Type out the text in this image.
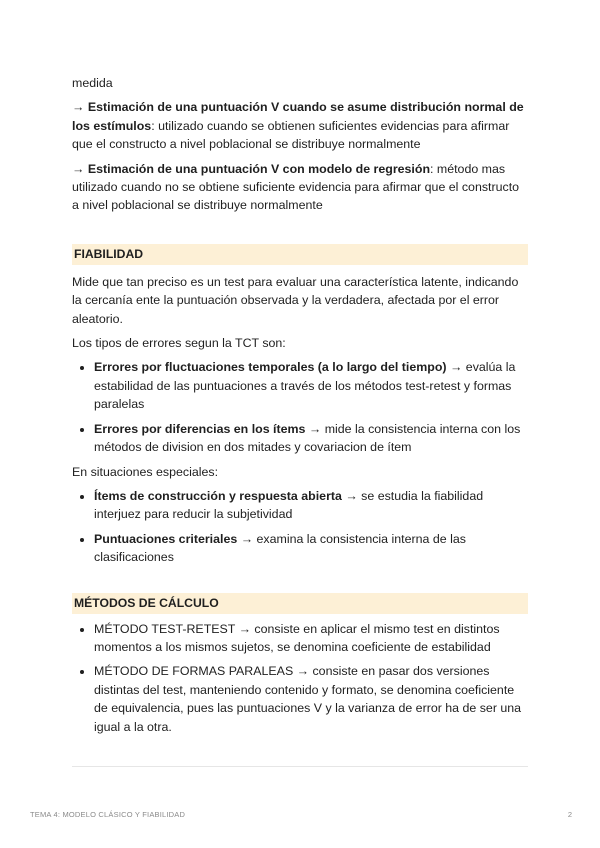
medida

→ Estimación de una puntuación V cuando se asume distribución normal de los estímulos: utilizado cuando se obtienen suficientes evidencias para afirmar que el constructo a nivel poblacional se distribuye normalmente

→ Estimación de una puntuación V con modelo de regresión: método mas utilizado cuando no se obtiene suficiente evidencia para afirmar que el constructo a nivel poblacional se distribuye normalmente

FIABILIDAD

Mide que tan preciso es un test para evaluar una característica latente, indicando la cercanía ente la puntuación observada y la verdadera, afectada por el error aleatorio.

Los tipos de errores segun la TCT son:

• Errores por fluctuaciones temporales (a lo largo del tiempo) → evalúa la estabilidad de las puntuaciones a través de los métodos test-retest y formas paralelas
• Errores por diferencias en los ítems → mide la consistencia interna con los métodos de division en dos mitades y covariacion de ítem

En situaciones especiales:

• Ítems de construcción y respuesta abierta → se estudia la fiabilidad interjuez para reducir la subjetividad
• Puntuaciones criteriales → examina la consistencia interna de las clasificaciones
MÉTODOS DE CÁLCULO
• MÉTODO TEST-RETEST → consiste en aplicar el mismo test en distintos momentos a los mismos sujetos, se denomina coeficiente de estabilidad
• MÉTODO DE FORMAS PARALEAS → consiste en pasar dos versiones distintas del test, manteniendo contenido y formato, se denomina coeficiente de equivalencia, pues las puntuaciones V y la varianza de error ha de ser una igual a la otra.
TEMA 4: MODELO CLÁSICO Y FIABILIDAD	2
